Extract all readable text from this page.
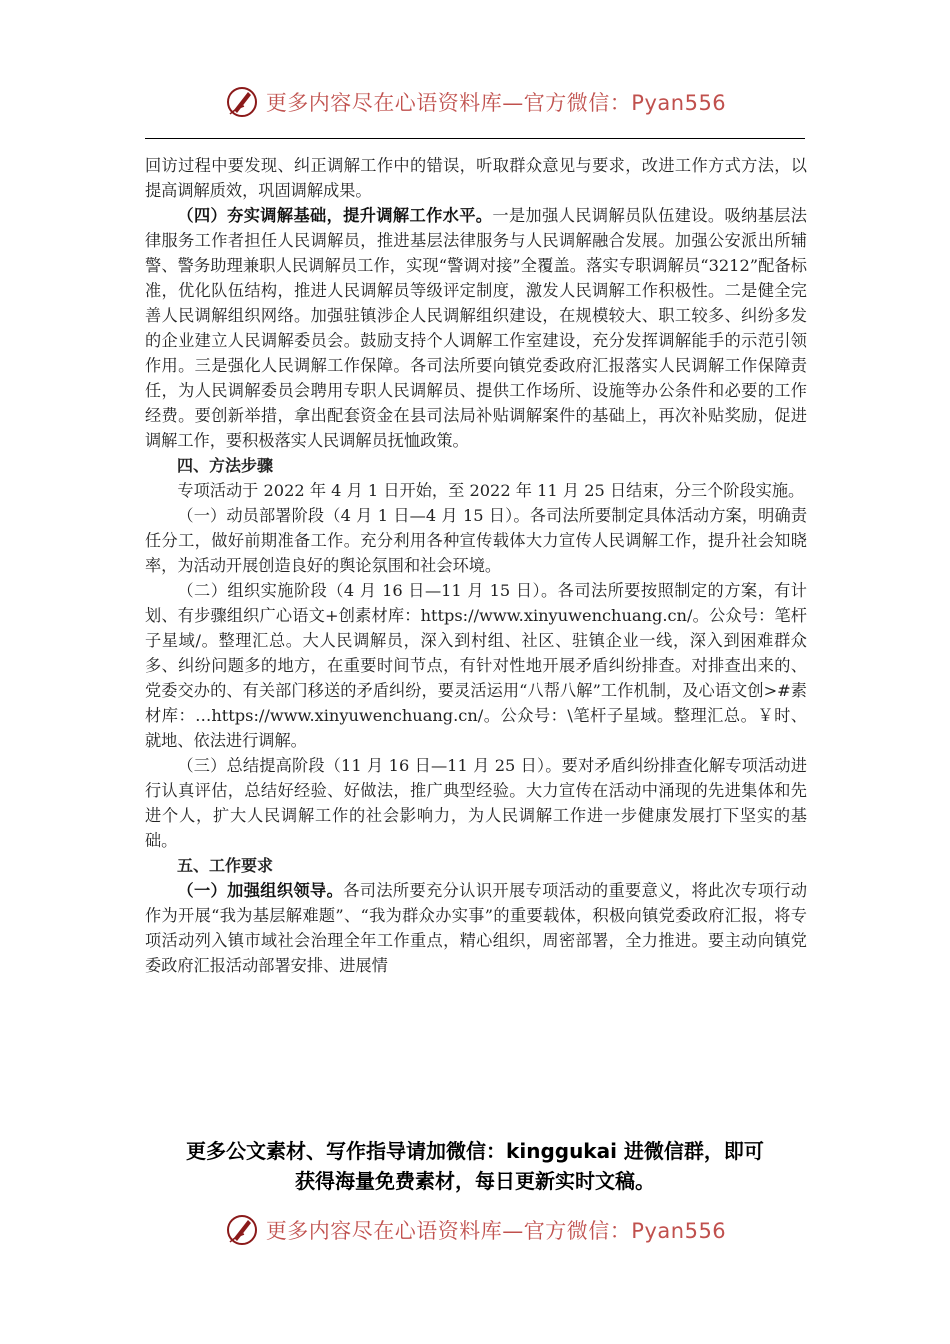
更多内容尽在心语资料库—官方微信：Pyan556

回访过程中要发现、纠正调解工作中的错误，听取群众意见与要求，改进工作方式方法，以提高调解质效，巩固调解成果。

（四）夯实调解基础，提升调解工作水平。一是加强人民调解员队伍建设。吸纳基层法律服务工作者担任人民调解员，推进基层法律服务与人民调解融合发展。加强公安派出所辅警、警务助理兼职人民调解员工作，实现“警调对接”全覆盖。落实专职调解员“3212”配备标准，优化队伍结构，推进人民调解员等级评定制度，激发人民调解工作积极性。二是健全完善人民调解组织网络。加强驻镇涉企人民调解组织建设，在规模较大、职工较多、纠纷多发的企业建立人民调解委员会。鼓励支持个人调解工作室建设，充分发挥调解能手的示范引领作用。三是强化人民调解工作保障。各司法所要向镇党委政府汇报落实人民调解工作保障责任，为人民调解委员会聘用专职人民调解员、提供工作场所、设施等办公条件和必要的工作经费。要创新举措，拿出配套资金在县司法局补贴调解案件的基础上，再次补贴奖励，促进调解工作，要积极落实人民调解员抚恤政策。

四、方法步骤

专项活动于 2022 年 4 月 1 日开始，至 2022 年 11 月 25 日结束，分三个阶段实施。

（一）动员部署阶段（4 月 1 日—4 月 15 日）。各司法所要制定具体活动方案，明确责任分工，做好前期准备工作。充分利用各种宣传载体大力宣传人民调解工作，提升社会知晓率，为活动开展创造良好的舆论氛围和社会环境。

（二）组织实施阶段（4 月 16 日—11 月 15 日）。各司法所要按照制定的方案，有计划、有步骤组织广心语文+创素材库：https://www.xinyuwenchuang.cn/。公众号：笔杆子星域/。整理汇总。大人民调解员，深入到村组、社区、驻镇企业一线，深入到困难群众多、纠纷问题多的地方，在重要时间节点，有针对性地开展矛盾纠纷排查。对排查出来的、党委交办的、有关部门移送的矛盾纠纷，要灵活运用“八帮八解”工作机制，及心语文创>#素材库：…https://www.xinyuwenchuang.cn/。公众号：\笔杆子星域。整理汇总。￥时、就地、依法进行调解。

（三）总结提高阶段（11 月 16 日—11 月 25 日）。要对矛盾纠纷排查化解专项活动进行认真评估，总结好经验、好做法，推广典型经验。大力宣传在活动中涌现的先进集体和先进个人，扩大人民调解工作的社会影响力，为人民调解工作进一步健康发展打下坚实的基础。

五、工作要求

（一）加强组织领导。各司法所要充分认识开展专项活动的重要意义，将此次专项行动作为开展“我为基层解难题”、“我为群众办实事”的重要载体，积极向镇党委政府汇报，将专项活动列入镇市域社会治理全年工作重点，精心组织，周密部署，全力推进。要主动向镇党委政府汇报活动部署安排、进展情

更多公文素材、写作指导请加微信：kinggukai 进微信群，即可
获得海量免费素材，每日更新实时文稿。
更多内容尽在心语资料库—官方微信：Pyan556
